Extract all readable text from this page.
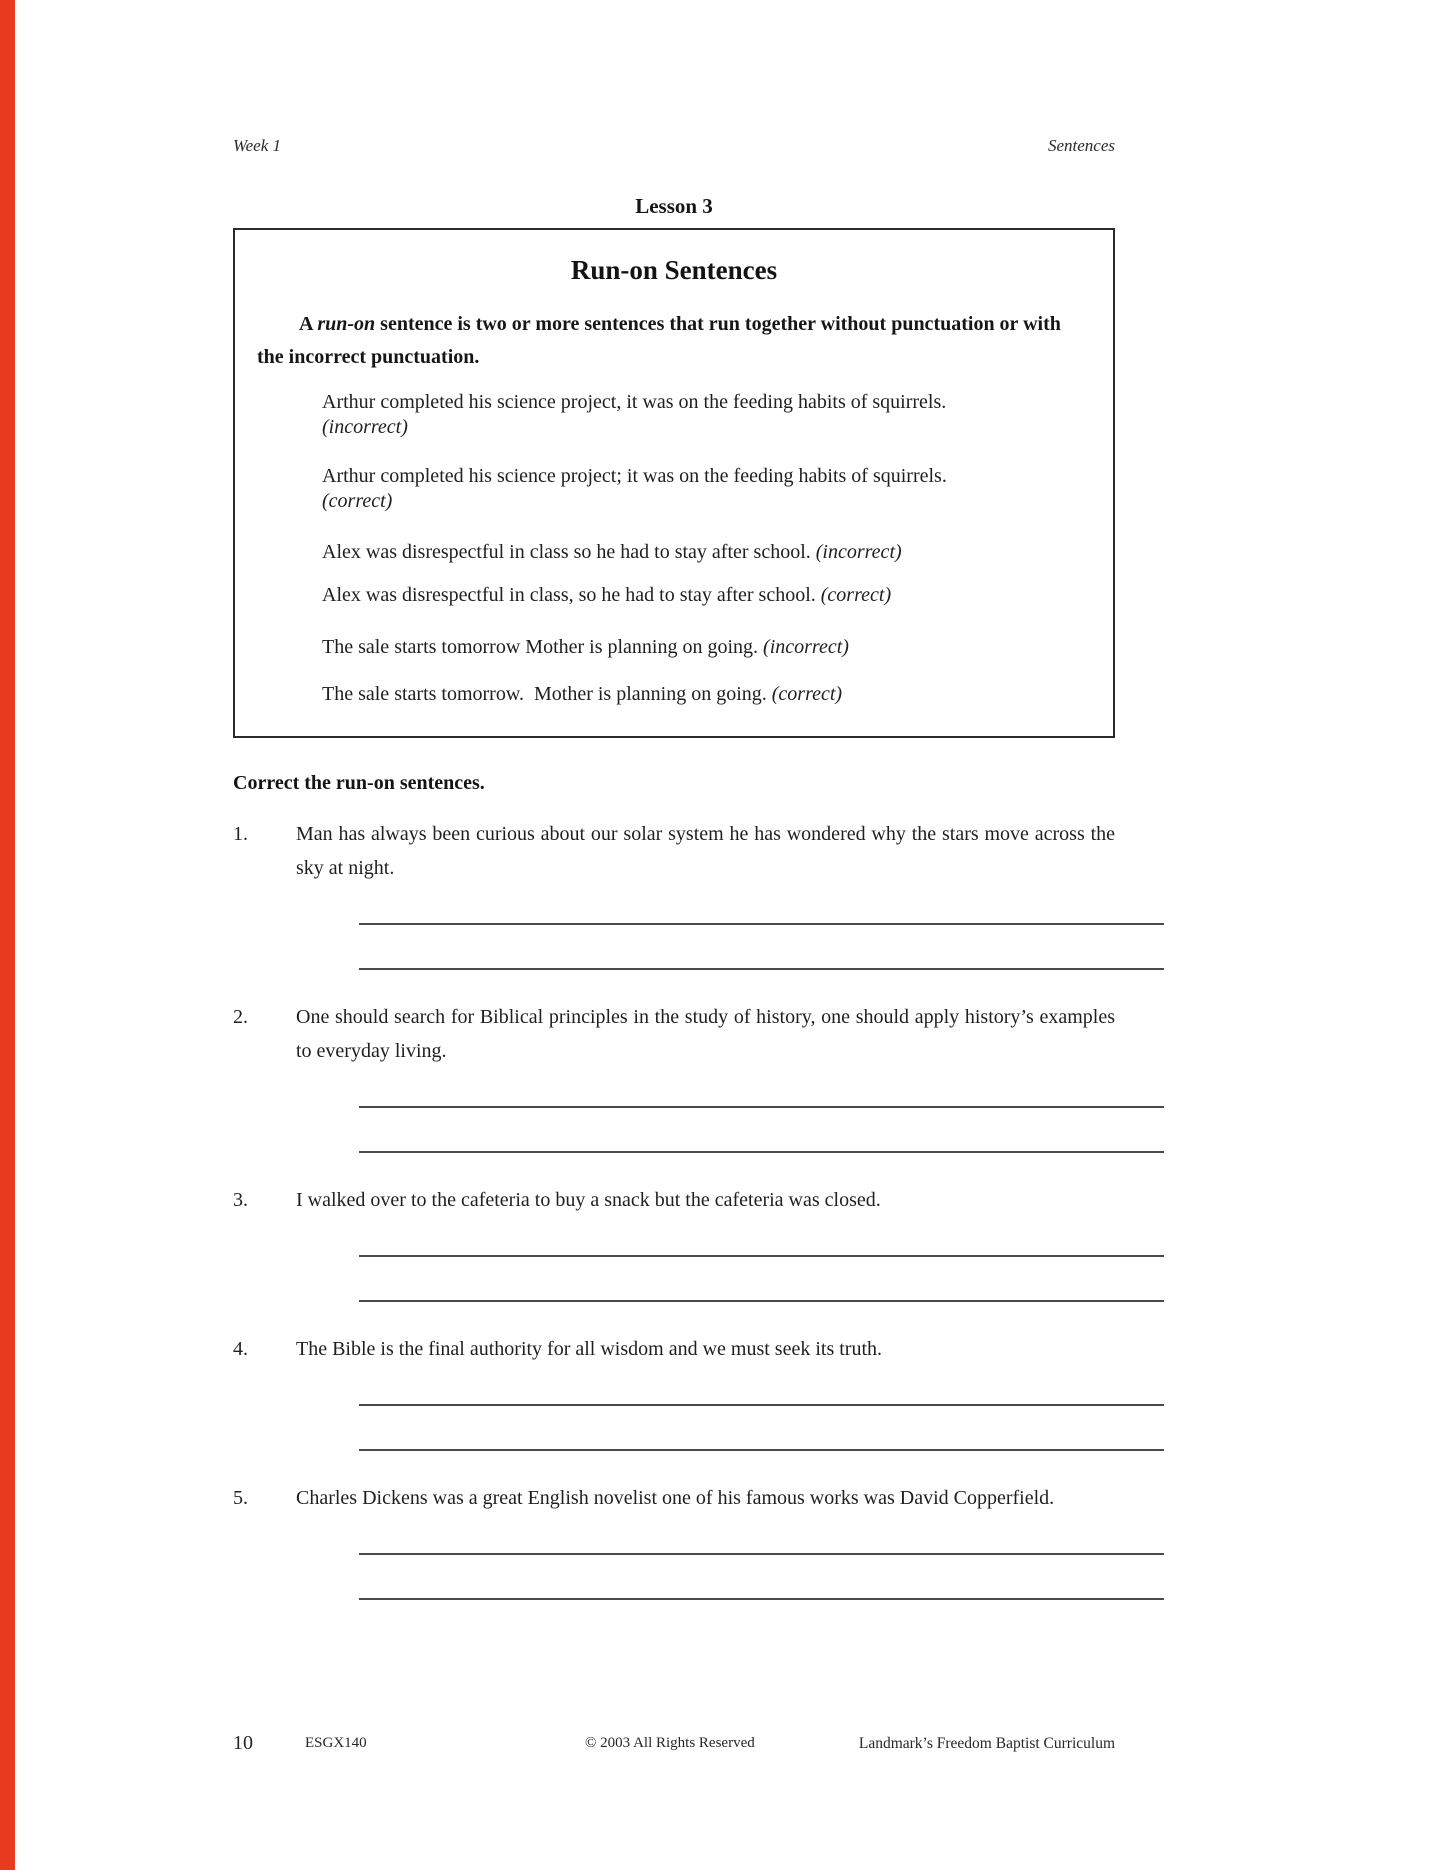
Week 1	Sentences
Lesson 3
Run-on Sentences

A run-on sentence is two or more sentences that run together without punctuation or with the incorrect punctuation.

Arthur completed his science project, it was on the feeding habits of squirrels.
(incorrect)

Arthur completed his science project; it was on the feeding habits of squirrels.
(correct)

Alex was disrespectful in class so he had to stay after school. (incorrect)

Alex was disrespectful in class, so he had to stay after school. (correct)

The sale starts tomorrow Mother is planning on going. (incorrect)

The sale starts tomorrow.  Mother is planning on going. (correct)

Correct the run-on sentences.
1.	Man has always been curious about our solar system he has wondered why the stars move across the sky at night.

2.	One should search for Biblical principles in the study of history, one should apply history’s examples to everyday living.

3.	I walked over to the cafeteria to buy a snack but the cafeteria was closed.

4.	The Bible is the final authority for all wisdom and we must seek its truth.

5.	Charles Dickens was a great English novelist one of his famous works was David Copperfield.

10	ESGX140	© 2003 All Rights Reserved	Landmark’s Freedom Baptist Curriculum
